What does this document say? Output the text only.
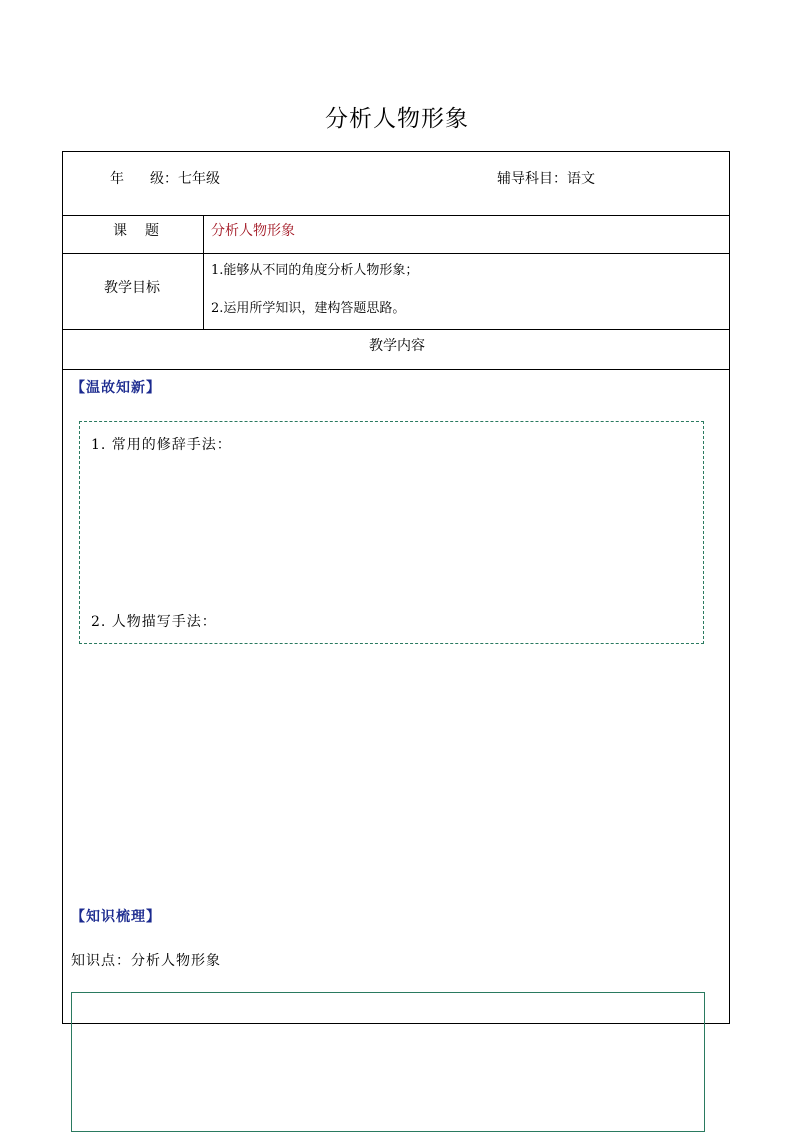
分析人物形象
年 级：七年级	辅导科目：语文
课 题	分析人物形象
教学目标
1.能够从不同的角度分析人物形象；
2.运用所学知识，建构答题思路。
教学内容
【温故知新】
1. 常用的修辞手法：
2. 人物描写手法：
【知识梳理】
知识点：分析人物形象
